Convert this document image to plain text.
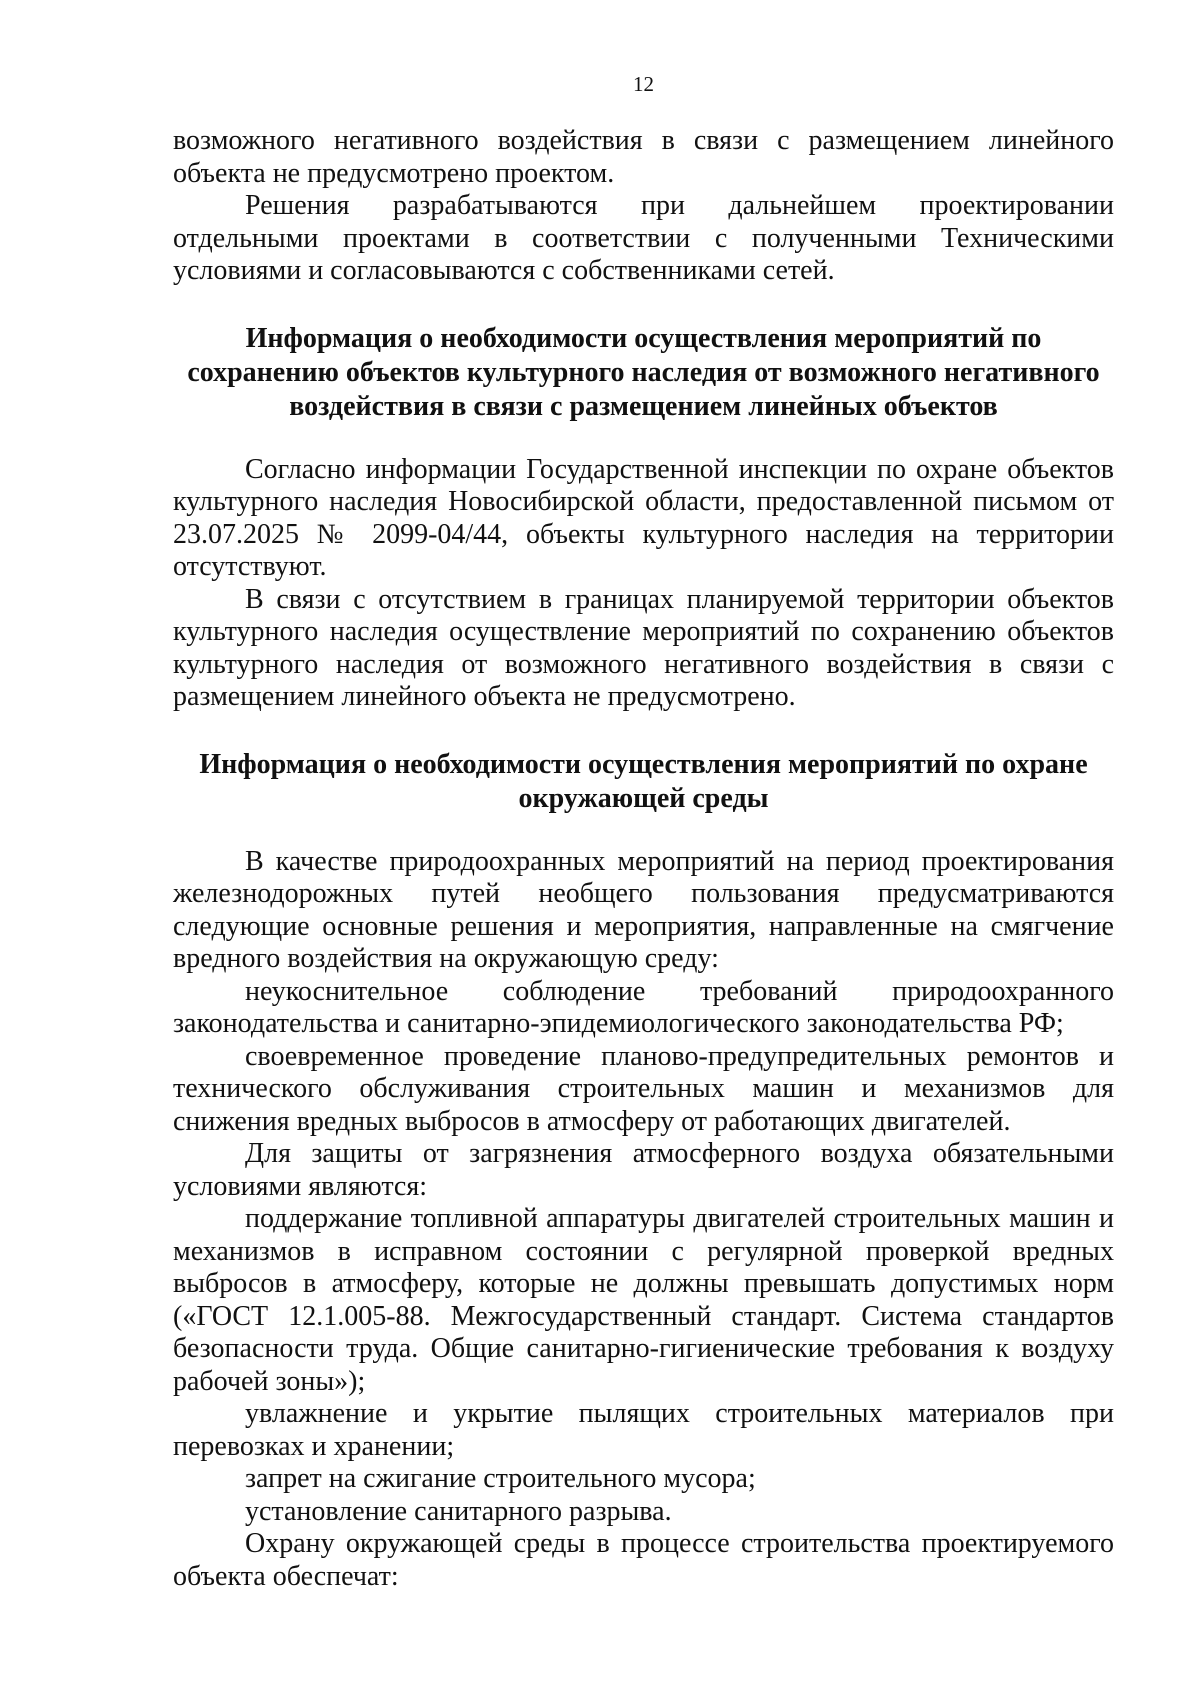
12

возможного негативного воздействия в связи с размещением линейного объекта не предусмотрено проектом.

Решения разрабатываются при дальнейшем проектировании отдельными проектами в соответствии с полученными Техническими условиями и согласовываются с собственниками сетей.

Информация о необходимости осуществления мероприятий по сохранению объектов культурного наследия от возможного негативного воздействия в связи с размещением линейных объектов

Согласно информации Государственной инспекции по охране объектов культурного наследия Новосибирской области, предоставленной письмом от 23.07.2025 № 2099-04/44, объекты культурного наследия на территории отсутствуют.

В связи с отсутствием в границах планируемой территории объектов культурного наследия осуществление мероприятий по сохранению объектов культурного наследия от возможного негативного воздействия в связи с размещением линейного объекта не предусмотрено.

Информация о необходимости осуществления мероприятий по охране окружающей среды

В качестве природоохранных мероприятий на период проектирования железнодорожных путей необщего пользования предусматриваются следующие основные решения и мероприятия, направленные на смягчение вредного воздействия на окружающую среду:

неукоснительное соблюдение требований природоохранного законодательства и санитарно-эпидемиологического законодательства РФ;

своевременное проведение планово-предупредительных ремонтов и технического обслуживания строительных машин и механизмов для снижения вредных выбросов в атмосферу от работающих двигателей.

Для защиты от загрязнения атмосферного воздуха обязательными условиями являются:

поддержание топливной аппаратуры двигателей строительных машин и механизмов в исправном состоянии с регулярной проверкой вредных выбросов в атмосферу, которые не должны превышать допустимых норм («ГОСТ 12.1.005-88. Межгосударственный стандарт. Система стандартов безопасности труда. Общие санитарно-гигиенические требования к воздуху рабочей зоны»);

увлажнение и укрытие пылящих строительных материалов при перевозках и хранении;

запрет на сжигание строительного мусора;

установление санитарного разрыва.

Охрану окружающей среды в процессе строительства проектируемого объекта обеспечат:
